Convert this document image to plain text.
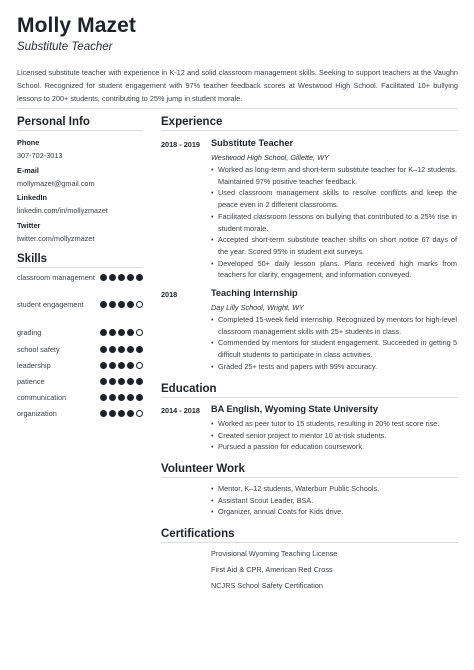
Molly Mazet
Substitute Teacher
Licensed substitute teacher with experience in K-12 and solid classroom management skills. Seeking to support teachers at the Vaughn School. Recognized for student engagement with 97% teacher feedback scores at Westwood High School. Facilitated 10+ bullying lessons to 200+ students, contributing to 25% jump in student morale.
Personal Info
Phone
307-702-3013
E-mail
mollymazet@gmail.com
LinkedIn
linkedin.com/in/mollyzmazet
Twitter
twitter.com/mollyzmazet
Skills
classroom management
student engagement
grading
school safety
leadership
patience
communication
organization
Experience
2018 - 2019 Substitute Teacher
Westwood High School, Gillette, WY
• Worked as long-term and short-term substitute teacher for K–12 students. Maintained 97% positive teacher feedback.
• Used classroom management skills to resolve conflicts and keep the peace even in 2 different classrooms.
• Facilitated classroom lessons on bullying that contributed to a 25% rise in student morale.
• Accepted short-term substitute teacher shifts on short notice 67 days of the year. Scored 95% in student exit surveys.
• Developed 50+ daily lesson plans. Plans received high marks from teachers for clarity, engagement, and information conveyed.
2018	Teaching Internship
Day Lilly School, Wright, WY
• Completed 15-week field internship. Recognized by mentors for high-level classroom management skills with 25+ students in class.
• Commended by mentors for student engagement. Succeeded in getting 5 difficult students to participate in class activities.
• Graded 25+ tests and papers with 99% accuracy.
Education
2014 - 2018 BA English, Wyoming State University
• Worked as peer tutor to 15 students, resulting in 20% test score rise.
• Created senior project to mentor 10 at-risk students.
• Pursued a passion for education coursework.
Volunteer Work
• Mentor, K–12 students, Waterburr Public Schools.
• Assistant Scout Leader, BSA.
• Organizer, annual Coats for Kids drive.
Certifications
Provisional Wyoming Teaching License
First Aid & CPR, American Red Cross
NCJRS School Safety Certification
